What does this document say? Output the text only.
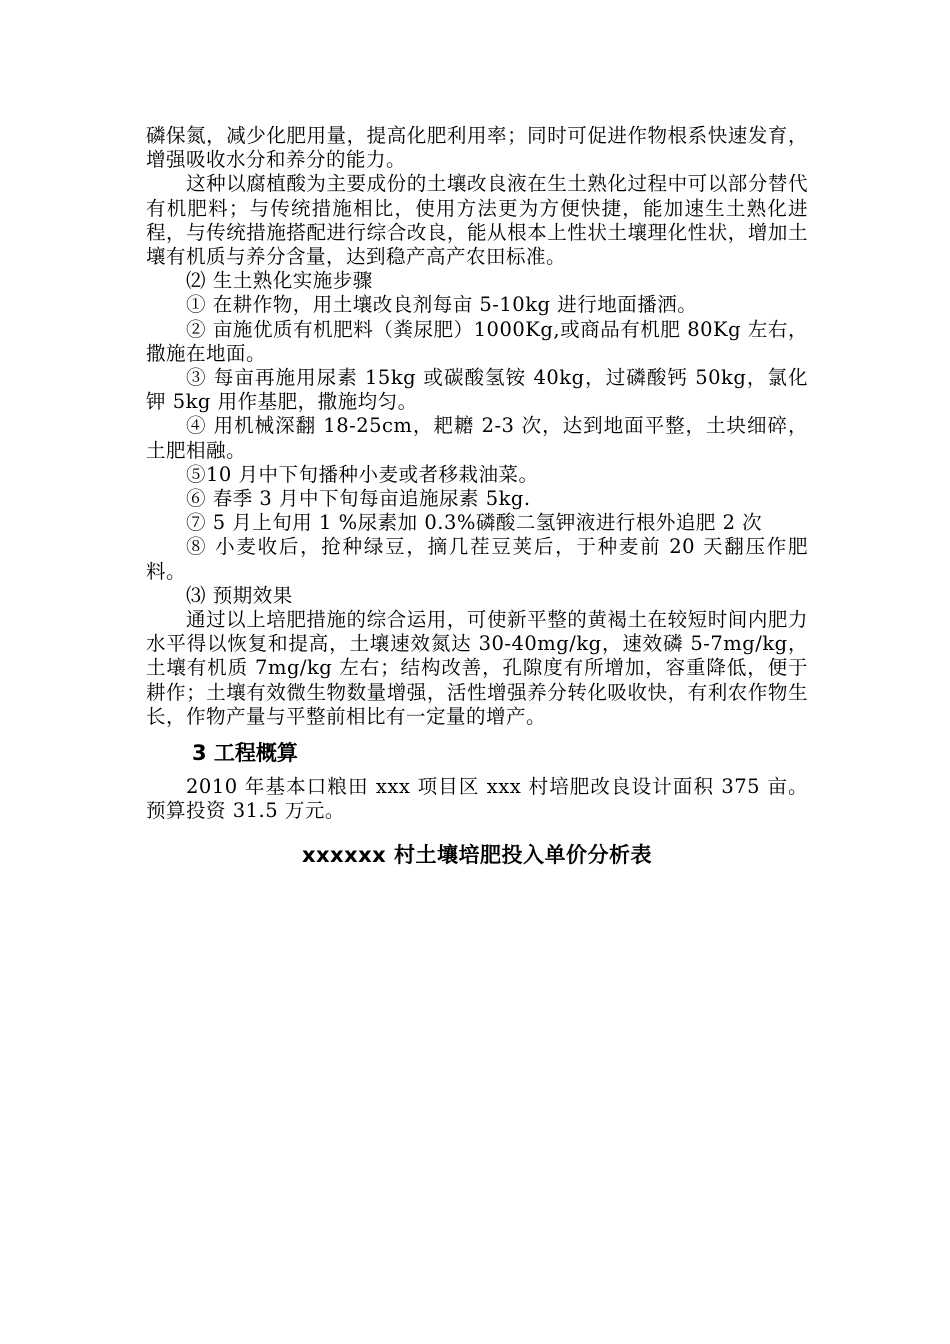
磷保氮，减少化肥用量，提高化肥利用率；同时可促进作物根系快速发育，增强吸收水分和养分的能力。

这种以腐植酸为主要成份的土壤改良液在生土熟化过程中可以部分替代有机肥料；与传统措施相比，使用方法更为方便快捷，能加速生土熟化进程，与传统措施搭配进行综合改良，能从根本上性状土壤理化性状，增加土壤有机质与养分含量，达到稳产高产农田标准。

⑵ 生土熟化实施步骤

① 在耕作物，用土壤改良剂每亩 5-10kg 进行地面播洒。

② 亩施优质有机肥料（粪尿肥）1000Kg,或商品有机肥 80Kg 左右，撒施在地面。

③ 每亩再施用尿素 15kg 或碳酸氢铵 40kg，过磷酸钙 50kg，氯化钾 5kg 用作基肥，撒施均匀。

④ 用机械深翻 18-25cm，耙耱 2-3 次，达到地面平整，土块细碎，土肥相融。

⑤10 月中下旬播种小麦或者移栽油菜。

⑥ 春季 3 月中下旬每亩追施尿素 5kg.

⑦ 5 月上旬用 1 %尿素加 0.3%磷酸二氢钾液进行根外追肥 2 次

⑧ 小麦收后，抢种绿豆，摘几茬豆荚后，于种麦前 20 天翻压作肥料。

⑶ 预期效果

通过以上培肥措施的综合运用，可使新平整的黄褐土在较短时间内肥力水平得以恢复和提高，土壤速效氮达 30-40mg/kg，速效磷 5-7mg/kg，土壤有机质 7mg/kg 左右；结构改善，孔隙度有所增加，容重降低，便于耕作；土壤有效微生物数量增强，活性增强养分转化吸收快，有利农作物生长，作物产量与平整前相比有一定量的增产。

3 工程概算

2010 年基本口粮田 xxx 项目区 xxx 村培肥改良设计面积 375 亩。预算投资 31.5 万元。

xxxxxx 村土壤培肥投入单价分析表
